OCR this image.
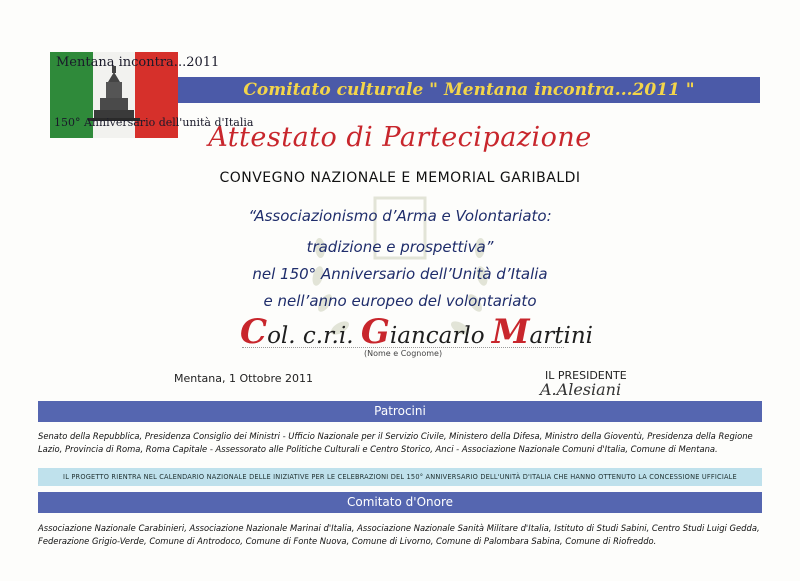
Mentana incontra...2011
150° Anniversario dell'unità d'Italia
Comitato culturale " Mentana incontra...2011 "
Attestato di Partecipazione
CONVEGNO NAZIONALE E MEMORIAL GARIBALDI
“Associazionismo d’Arma e Volontariato:
tradizione e prospettiva”
nel 150° Anniversario dell’Unità d’Italia
e nell’anno europeo del volontariato
Col. c.r.i. Giancarlo Martini
(Nome e Cognome)
Mentana, 1 Ottobre 2011	IL PRESIDENTE
A.Alesiani
Patrocini
Senato della Repubblica, Presidenza Consiglio dei Ministri - Ufficio Nazionale per il Servizio Civile, Ministero della Difesa, Ministro della Gioventù, Presidenza della Regione Lazio, Provincia di Roma, Roma Capitale - Assessorato alle Politiche Culturali e Centro Storico, Anci - Associazione Nazionale Comuni d'Italia, Comune di Mentana.
IL PROGETTO RIENTRA NEL CALENDARIO NAZIONALE DELLE INIZIATIVE PER LE CELEBRAZIONI DEL 150° ANNIVERSARIO DELL'UNITÀ D'ITALIA CHE HANNO OTTENUTO LA CONCESSIONE UFFICIALE
Comitato d'Onore
Associazione Nazionale Carabinieri, Associazione Nazionale Marinai d'Italia, Associazione Nazionale Sanità Militare d'Italia, Istituto di Studi Sabini, Centro Studi Luigi Gedda, Federazione Grigio-Verde, Comune di Antrodoco, Comune di Fonte Nuova, Comune di Livorno, Comune di Palombara Sabina, Comune di Riofreddo.
